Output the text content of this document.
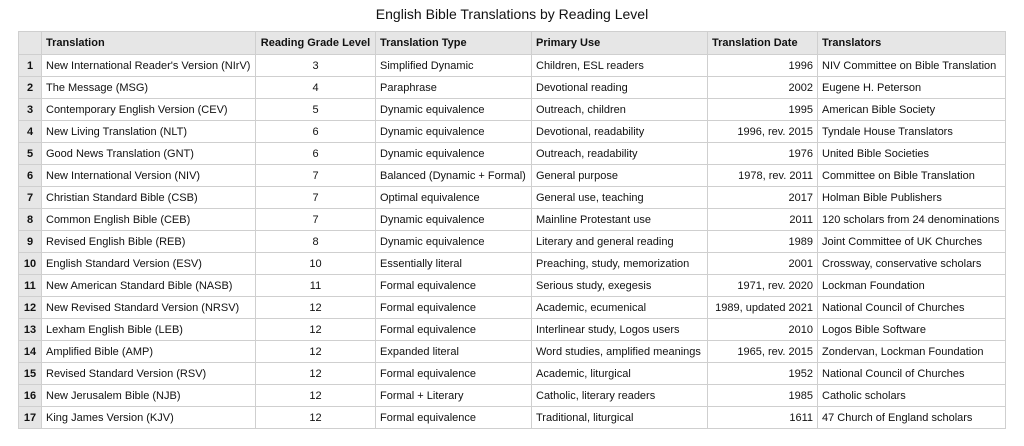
English Bible Translations by Reading Level
	Translation	Reading Grade Level	Translation Type	Primary Use	Translation Date	Translators
1	New International Reader's Version (NIrV)	3	Simplified Dynamic	Children, ESL readers	1996	NIV Committee on Bible Translation
2	The Message (MSG)	4	Paraphrase	Devotional reading	2002	Eugene H. Peterson
3	Contemporary English Version (CEV)	5	Dynamic equivalence	Outreach, children	1995	American Bible Society
4	New Living Translation (NLT)	6	Dynamic equivalence	Devotional, readability	1996, rev. 2015	Tyndale House Translators
5	Good News Translation (GNT)	6	Dynamic equivalence	Outreach, readability	1976	United Bible Societies
6	New International Version (NIV)	7	Balanced (Dynamic + Formal)	General purpose	1978, rev. 2011	Committee on Bible Translation
7	Christian Standard Bible (CSB)	7	Optimal equivalence	General use, teaching	2017	Holman Bible Publishers
8	Common English Bible (CEB)	7	Dynamic equivalence	Mainline Protestant use	2011	120 scholars from 24 denominations
9	Revised English Bible (REB)	8	Dynamic equivalence	Literary and general reading	1989	Joint Committee of UK Churches
10	English Standard Version (ESV)	10	Essentially literal	Preaching, study, memorization	2001	Crossway, conservative scholars
11	New American Standard Bible (NASB)	11	Formal equivalence	Serious study, exegesis	1971, rev. 2020	Lockman Foundation
12	New Revised Standard Version (NRSV)	12	Formal equivalence	Academic, ecumenical	1989, updated 2021	National Council of Churches
13	Lexham English Bible (LEB)	12	Formal equivalence	Interlinear study, Logos users	2010	Logos Bible Software
14	Amplified Bible (AMP)	12	Expanded literal	Word studies, amplified meanings	1965, rev. 2015	Zondervan, Lockman Foundation
15	Revised Standard Version (RSV)	12	Formal equivalence	Academic, liturgical	1952	National Council of Churches
16	New Jerusalem Bible (NJB)	12	Formal + Literary	Catholic, literary readers	1985	Catholic scholars
17	King James Version (KJV)	12	Formal equivalence	Traditional, liturgical	1611	47 Church of England scholars
